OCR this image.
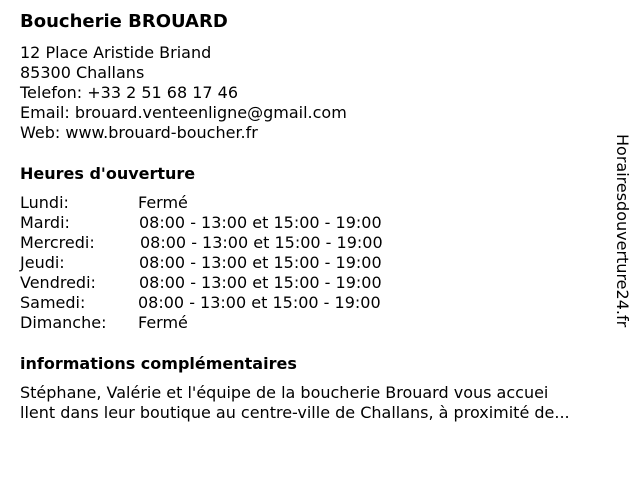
Boucherie BROUARD
12 Place Aristide Briand
85300 Challans
Telefon: +33 2 51 68 17 46
Email: brouard.venteenligne@gmail.com
Web: www.brouard-boucher.fr
Heures d'ouverture
Lundi:	Fermé
Mardi:	08:00 - 13:00 et 15:00 - 19:00
Mercredi:	08:00 - 13:00 et 15:00 - 19:00
Jeudi:	08:00 - 13:00 et 15:00 - 19:00
Vendredi:	08:00 - 13:00 et 15:00 - 19:00
Samedi:	08:00 - 13:00 et 15:00 - 19:00
Dimanche: Fermé
informations complémentaires
Stéphane, Valérie et l'équipe de la boucherie Brouard vous accuei
llent dans leur boutique au centre-ville de Challans, à proximité de...
Horairesdouverture24.fr
